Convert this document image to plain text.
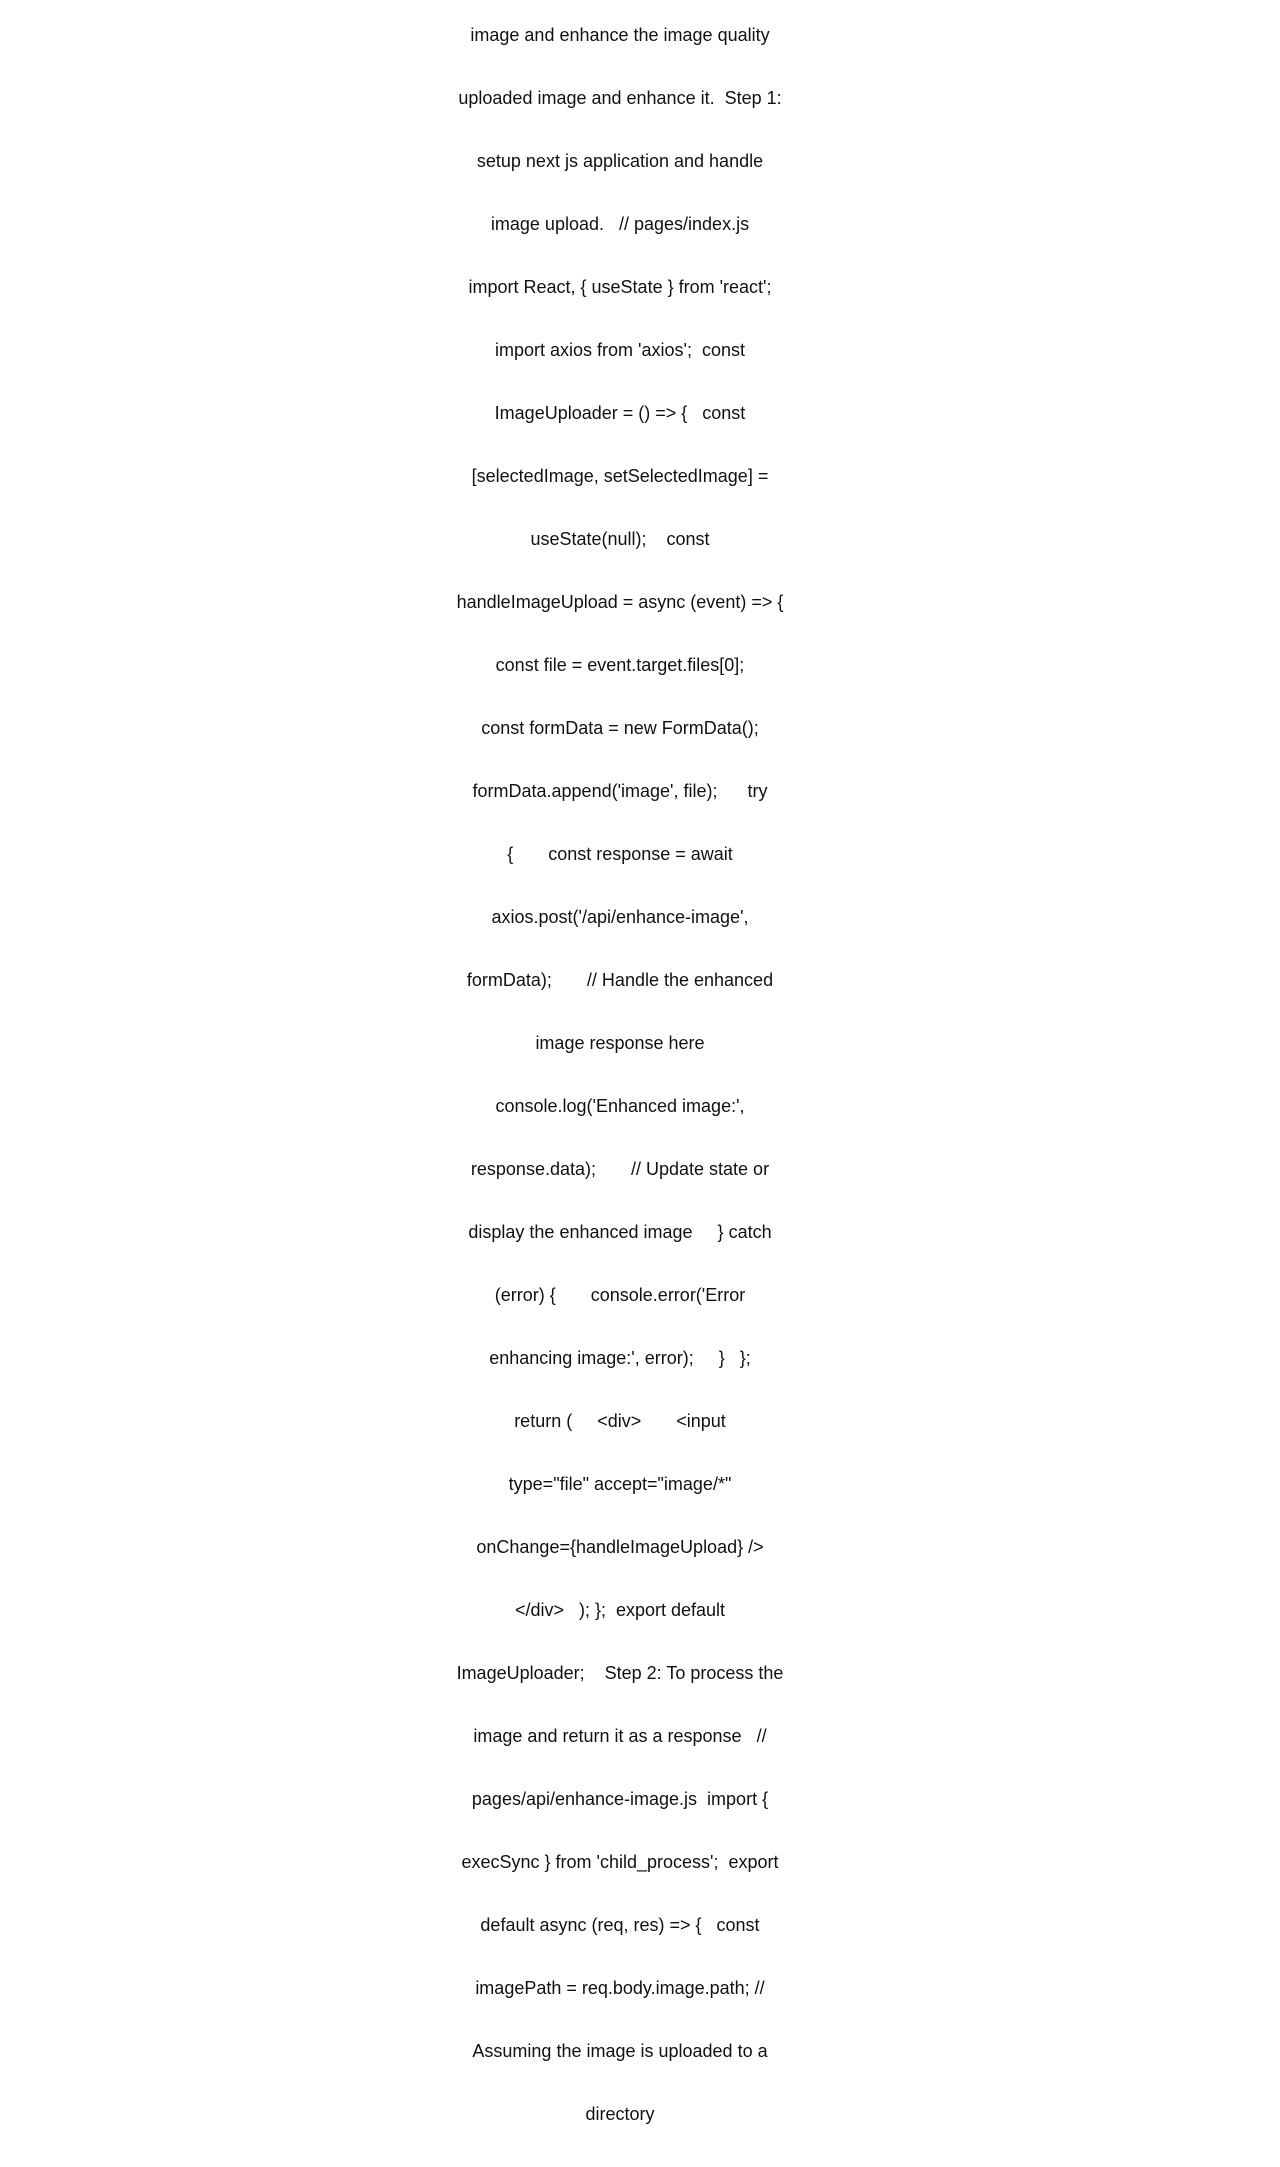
image and enhance the image quality

uploaded image and enhance it.  Step 1:

setup next js application and handle

image upload.   // pages/index.js

import React, { useState } from 'react';

import axios from 'axios';  const

ImageUploader = () => {   const

[selectedImage, setSelectedImage] =

useState(null);    const

handleImageUpload = async (event) => {

const file = event.target.files[0];

const formData = new FormData();

formData.append('image', file);      try

{       const response = await

axios.post('/api/enhance-image',

formData);       // Handle the enhanced

image response here

console.log('Enhanced image:',

response.data);       // Update state or

display the enhanced image     } catch

(error) {       console.error('Error

enhancing image:', error);     }   };

return (     <div>       <input

type="file" accept="image/*"

onChange={handleImageUpload} />

</div>   ); };  export default

ImageUploader;    Step 2: To process the

image and return it as a response   //

pages/api/enhance-image.js  import {

execSync } from 'child_process';  export

default async (req, res) => {   const

imagePath = req.body.image.path; //

Assuming the image is uploaded to a

directory
